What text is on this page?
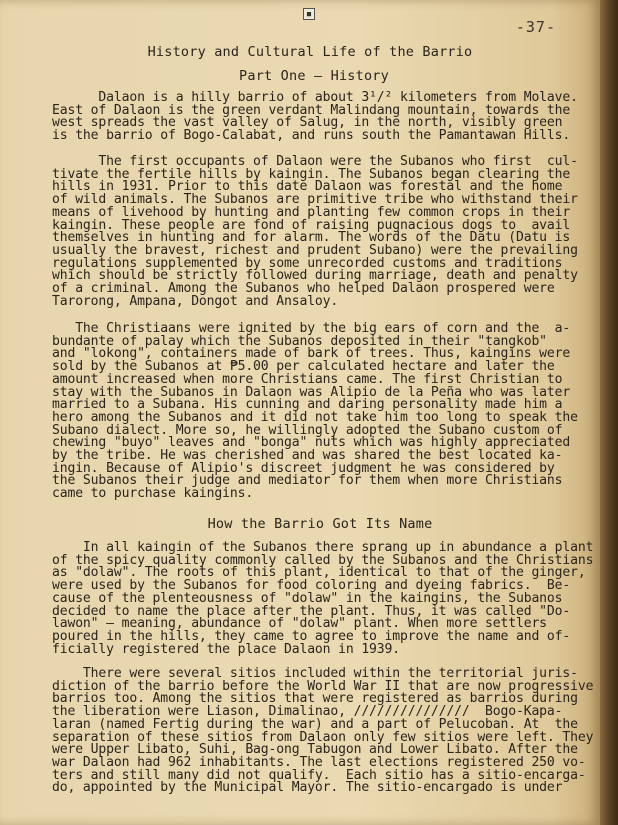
■
-37-
History and Cultural Life of the Barrio
Part One — History
Dalaon is a hilly barrio of about 3¹/² kilometers from Molave.
East of Dalaon is the green verdant Malindang mountain, towards the
west spreads the vast valley of Salug, in the north, visibly green
is the barrio of Bogo-Calabat, and runs south the Pamantawan Hills.
The first occupants of Dalaon were the Subanos who first  cul-
tivate the fertile hills by kaingin. The Subanos began clearing the
hills in 1931. Prior to this date Dalaon was forestal and the home
of wild animals. The Subanos are primitive tribe who withstand their
means of livehood by hunting and planting few common crops in their
kaingin. These people are fond of raising pugnacious dogs to  avail
themselves in hunting and for alarm. The words of the Datu (Datu is
usually the bravest, richest and prudent Subano) were the prevailing
regulations supplemented by some unrecorded customs and traditions
which should be strictly followed during marriage, death and penalty
of a criminal. Among the Subanos who helped Dalaon prospered were
Tarorong, Ampana, Dongot and Ansaloy.
The Christiaans were ignited by the big ears of corn and the  a-
bundante of palay which the Subanos deposited in their "tangkob"
and "lokong", containers made of bark of trees. Thus, kaingins were
sold by the Subanos at ₱5.00 per calculated hectare and later the
amount increased when more Christians came. The first Christian to
stay with the Subanos in Dalaon was Alipio de la Peña who was later
married to a Subana. His cunning and daring personality made him a
hero among the Subanos and it did not take him too long to speak the
Subano dialect. More so, he willingly adopted the Subano custom of
chewing "buyo" leaves and "bonga" nuts which was highly appreciated
by the tribe. He was cherished and was shared the best located ka-
ingin. Because of Alipio's discreet judgment he was considered by
the Subanos their judge and mediator for them when more Christians
came to purchase kaingins.
How the Barrio Got Its Name
In all kaingin of the Subanos there sprang up in abundance a plant
of the spicy quality commonly called by the Subanos and the Christians
as "dolaw". The roots of this plant, identical to that of the ginger,
were used by the Subanos for food coloring and dyeing fabrics.  Be-
cause of the plenteousness of "dolaw" in the kaingins, the Subanos
decided to name the place after the plant. Thus, it was called "Do-
lawon" — meaning, abundance of "dolaw" plant. When more settlers
poured in the hills, they came to agree to improve the name and of-
ficially registered the place Dalaon in 1939.
There were several sitios included within the territorial juris-
diction of the barrio before the World War II that are now progressive
barrios too. Among the sitios that were registered as barrios during
the liberation were Liason, Dimalinao, ///////////////  Bogo-Kapa-
laran (named Fertig during the war) and a part of Pelucoban. At  the
separation of these sitios from Dalaon only few sitios were left. They
were Upper Libato, Suhi, Bag-ong Tabugon and Lower Libato. After the
war Dalaon had 962 inhabitants. The last elections registered 250 vo-
ters and still many did not qualify.  Each sitio has a sitio-encarga-
do, appointed by the Municipal Mayor. The sitio-encargado is under
